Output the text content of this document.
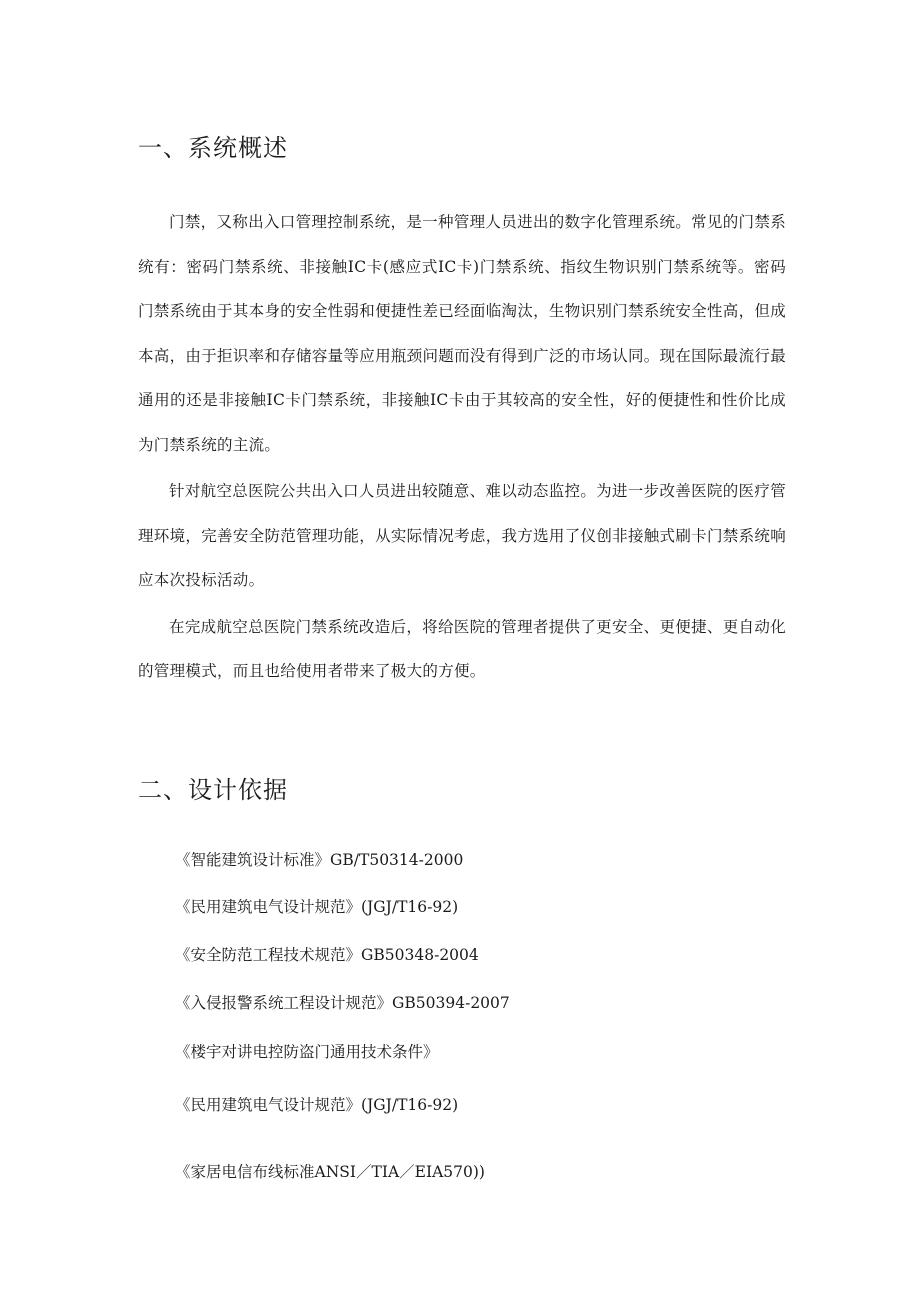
一、系统概述

门禁，又称出入口管理控制系统，是一种管理人员进出的数字化管理系统。常见的门禁系统有：密码门禁系统、非接触IC卡(感应式IC卡)门禁系统、指纹生物识别门禁系统等。密码门禁系统由于其本身的安全性弱和便捷性差已经面临淘汰，生物识别门禁系统安全性高，但成本高，由于拒识率和存储容量等应用瓶颈问题而没有得到广泛的市场认同。现在国际最流行最通用的还是非接触IC卡门禁系统，非接触IC卡由于其较高的安全性，好的便捷性和性价比成为门禁系统的主流。

针对航空总医院公共出入口人员进出较随意、难以动态监控。为进一步改善医院的医疗管理环境，完善安全防范管理功能，从实际情况考虑，我方选用了仪创非接触式刷卡门禁系统响应本次投标活动。

在完成航空总医院门禁系统改造后，将给医院的管理者提供了更安全、更便捷、更自动化的管理模式，而且也给使用者带来了极大的方便。

二、设计依据

《智能建筑设计标准》GB/T50314-2000

《民用建筑电气设计规范》(JGJ/T16-92)

《安全防范工程技术规范》GB50348-2004

《入侵报警系统工程设计规范》GB50394-2007

《楼宇对讲电控防盗门通用技术条件》

《民用建筑电气设计规范》(JGJ/T16-92)

《家居电信布线标准ANSI／TIA／EIA570))
